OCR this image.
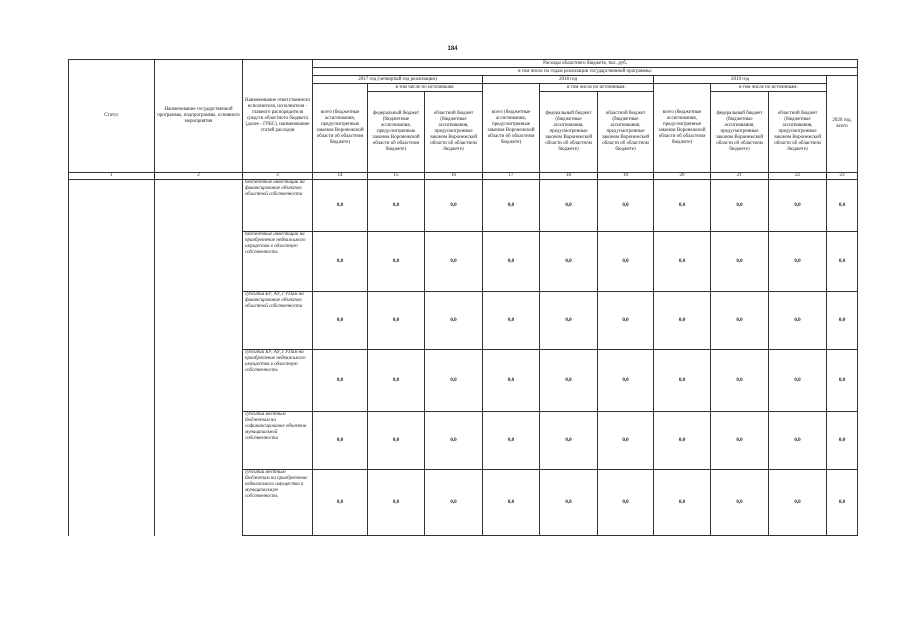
184
Статус	Наименование государственной программы, подпрограммы, основного мероприятия	Наименование ответственного исполнителя, исполнителя - главного распорядителя средств областного бюджета (далее - ГРБС), наименование статей расходов	Расходы областного бюджета, тыс. руб.									
			в том числе по годам реализации государственной программы:									
			2017 год (четвертый год реализации)			2018 год			2019 год			2020 год, всего
			всего (бюджетные ассигнования, предусмотренные законом Воронежской области об областном бюджете)	в том числе по источникам:		всего (бюджетные ассигнования, предусмотренные законом Воронежской области об областном бюджете)	в том числе по источникам:		всего (бюджетные ассигнования, предусмотренные законом Воронежской области об областном бюджете)	в том числе по источникам:		
				федеральный бюджет (бюджетные ассигнования, предусмотренные законом Воронежской области об областном бюджете)	областной бюджет (бюджетные ассигнования, предусмотренные законом Воронежской области об областном бюджете)		федеральный бюджет (бюджетные ассигнования, предусмотренные законом Воронежской области об областном бюджете)	областной бюджет (бюджетные ассигнования, предусмотренные законом Воронежской области об областном бюджете)		федеральный бюджет (бюджетные ассигнования, предусмотренные законом Воронежской области об областном бюджете)	областной бюджет (бюджетные ассигнования, предусмотренные законом Воронежской области об областном бюджете)	
1	2	3	14	15	16	17	18	19	20	21	22	23
		бюджетные инвестиции на финансирование объектов областной собственности	0,0	0,0	0,0	0,0	0,0	0,0	0,0	0,0	0,0	0,0
		бюджетные инвестиции на приобретение недвижимого имущества в областную собственность	0,0	0,0	0,0	0,0	0,0	0,0	0,0	0,0	0,0	0,0
		субсидии БУ, АУ, ГУПам на финансирование объектов областной собственности	0,0	0,0	0,0	0,0	0,0	0,0	0,0	0,0	0,0	0,0
		субсидии БУ, АУ, ГУПам на приобретение недвижимого имущества в областную собственность	0,0	0,0	0,0	0,0	0,0	0,0	0,0	0,0	0,0	0,0
		субсидии местным бюджетам на софинансирование объектов муниципальной собственности	0,0	0,0	0,0	0,0	0,0	0,0	0,0	0,0	0,0	0,0
		субсидии местным бюджетам на приобретение недвижимого имущества в муниципальную собственность	0,0	0,0	0,0	0,0	0,0	0,0	0,0	0,0	0,0	0,0
